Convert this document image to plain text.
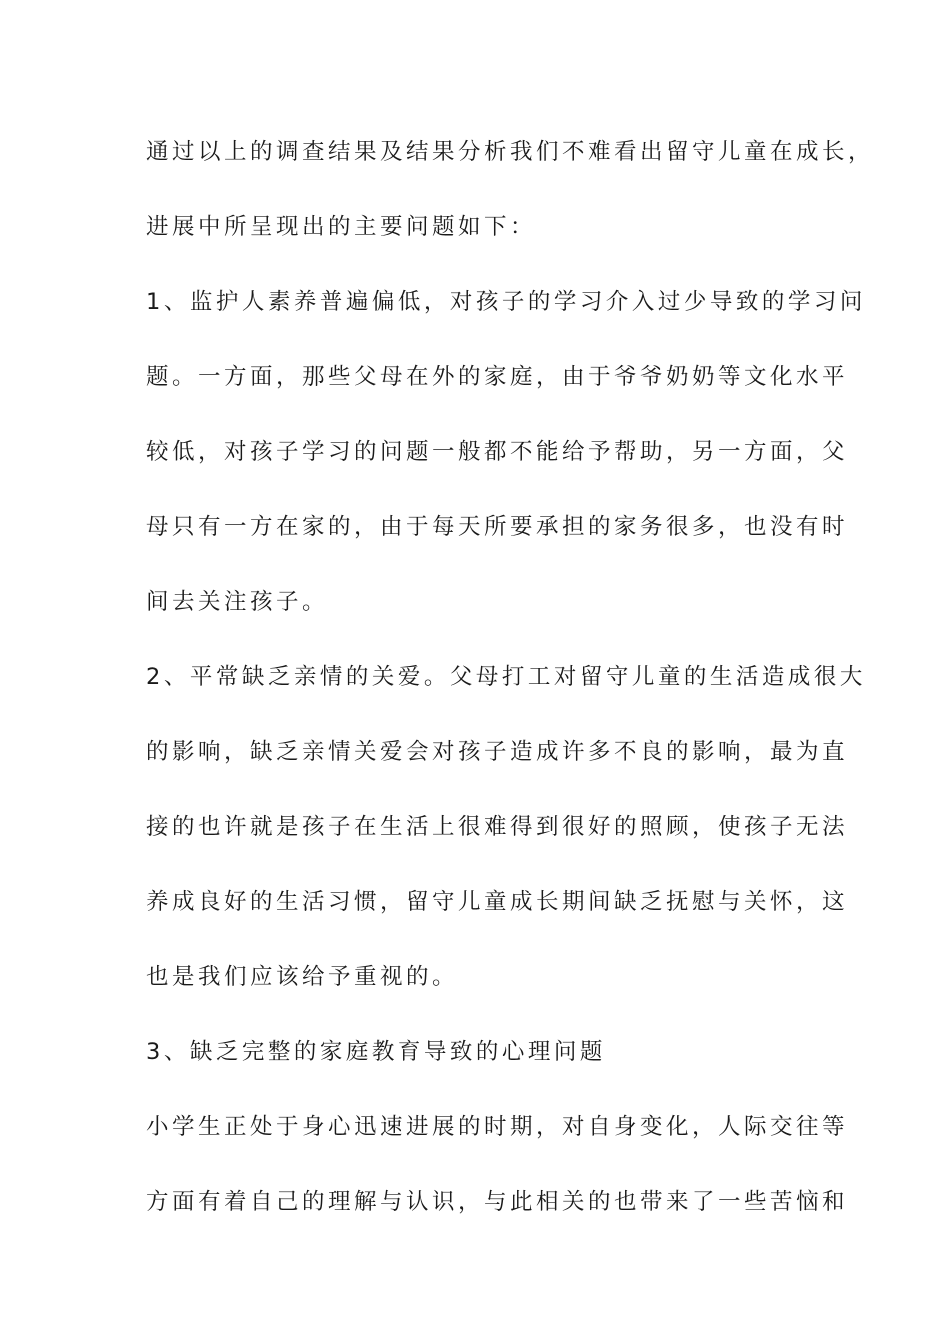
通过以上的调查结果及结果分析我们不难看出留守儿童在成长，
进展中所呈现出的主要问题如下：
1、监护人素养普遍偏低，对孩子的学习介入过少导致的学习问
题。一方面，那些父母在外的家庭，由于爷爷奶奶等文化水平
较低，对孩子学习的问题一般都不能给予帮助，另一方面，父
母只有一方在家的，由于每天所要承担的家务很多，也没有时
间去关注孩子。
2、平常缺乏亲情的关爱。父母打工对留守儿童的生活造成很大
的影响，缺乏亲情关爱会对孩子造成许多不良的影响，最为直
接的也许就是孩子在生活上很难得到很好的照顾，使孩子无法
养成良好的生活习惯，留守儿童成长期间缺乏抚慰与关怀，这
也是我们应该给予重视的。
3、缺乏完整的家庭教育导致的心理问题
小学生正处于身心迅速进展的时期，对自身变化，人际交往等
方面有着自己的理解与认识，与此相关的也带来了一些苦恼和
